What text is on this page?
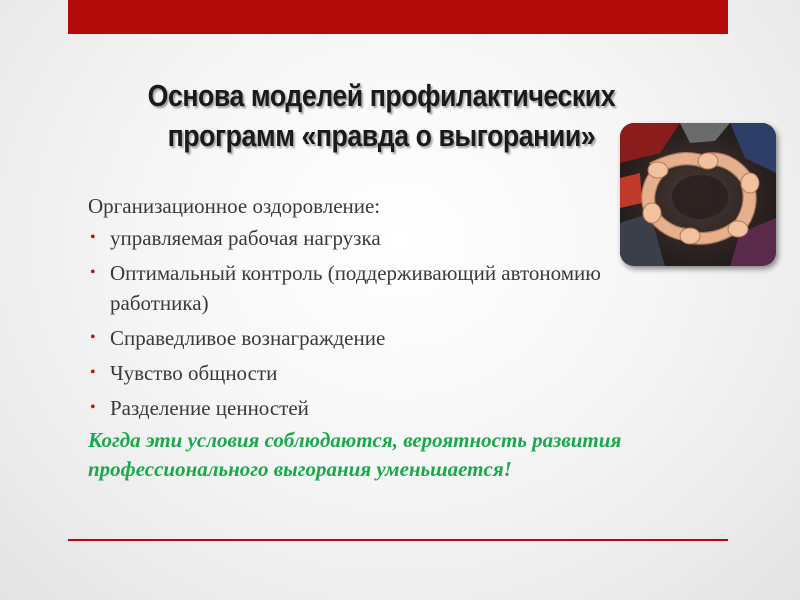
Основа моделей профилактических
программ «правда о выгорании»

Организационное оздоровление:

• управляемая рабочая нагрузка
• Оптимальный контроль (поддерживающий автономию работника)
• Справедливое вознаграждение
• Чувство общности
• Разделение ценностей
Когда эти условия соблюдаются, вероятность развития профессионального выгорания уменьшается!
